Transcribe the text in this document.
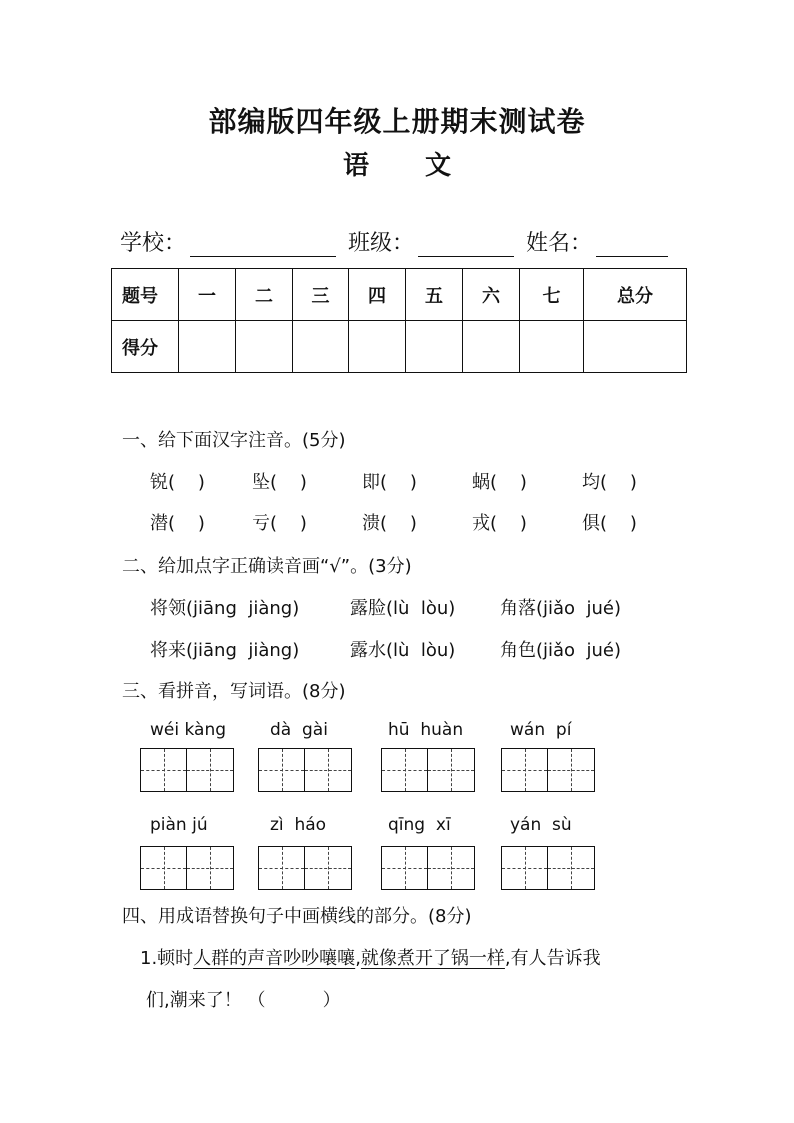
部编版四年级上册期末测试卷
语 文
学校：	班级：	姓名：
题号	一	二	三	四	五	六	七	总分
得分								
一、给下面汉字注音。(5分)
锐(    )	坠(    )	即(    )	蜗(    )	均(    )
潜(    )	亏(    )	溃(    )	戎(    )	俱(    )
二、给加点字正确读音画“√”。(3分)
将领(jiāng  jiàng)	露脸(lù  lòu) 角落(jiǎo  jué)
将来(jiāng  jiàng)	露水(lù  lòu) 角色(jiǎo  jué)
三、看拼音，写词语。(8分)
wéi kàng	dà  gài	hū  huàn	wán  pí
piàn jú	zì  háo	qīng  xī	yán  sù
四、用成语替换句子中画横线的部分。(8分)
1.顿时人群的声音吵吵嚷嚷,就像煮开了锅一样,有人告诉我
们,潮来了！ （          ）
